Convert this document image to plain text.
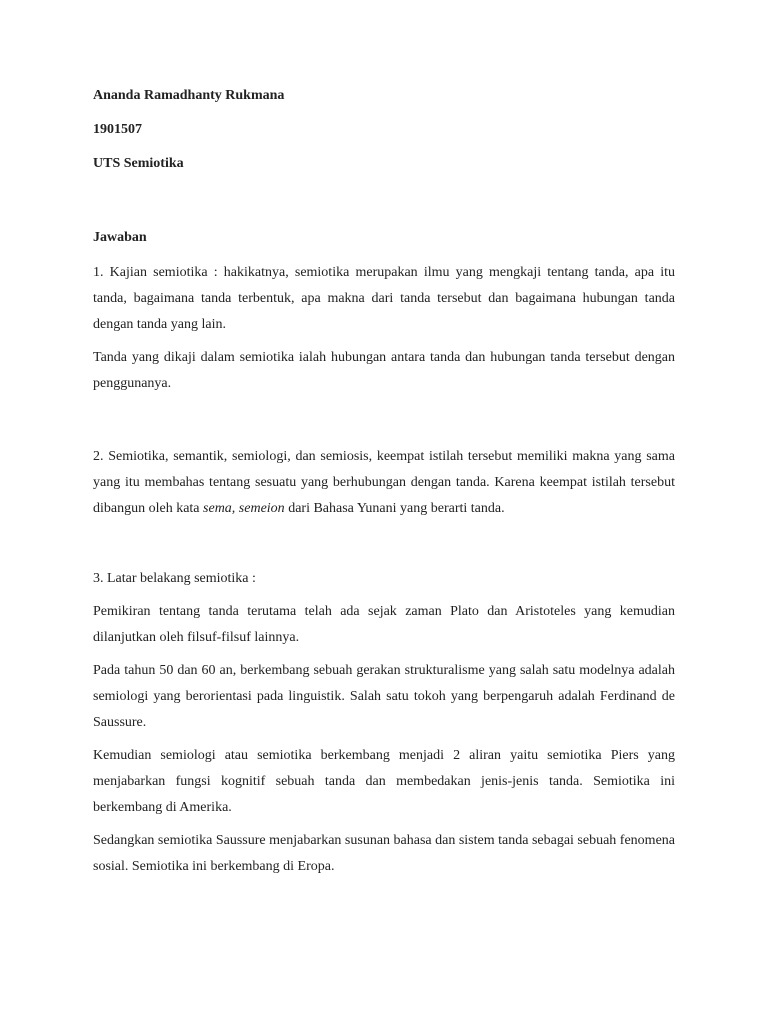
Ananda Ramadhanty Rukmana

1901507

UTS Semiotika

Jawaban

1. Kajian semiotika : hakikatnya, semiotika merupakan ilmu yang mengkaji tentang tanda, apa itu tanda, bagaimana tanda terbentuk, apa makna dari tanda tersebut dan bagaimana hubungan tanda dengan tanda yang lain.

Tanda yang dikaji dalam semiotika ialah hubungan antara tanda dan hubungan tanda tersebut dengan penggunanya.

2. Semiotika, semantik, semiologi, dan semiosis, keempat istilah tersebut memiliki makna yang sama yang itu membahas tentang sesuatu yang berhubungan dengan tanda. Karena keempat istilah tersebut dibangun oleh kata sema, semeion dari Bahasa Yunani yang berarti tanda.

3. Latar belakang semiotika :

Pemikiran tentang tanda terutama telah ada sejak zaman Plato dan Aristoteles yang kemudian dilanjutkan oleh filsuf-filsuf lainnya.

Pada tahun 50 dan 60 an, berkembang sebuah gerakan strukturalisme yang salah satu modelnya adalah semiologi yang berorientasi pada linguistik. Salah satu tokoh yang berpengaruh adalah Ferdinand de Saussure.

Kemudian semiologi atau semiotika berkembang menjadi 2 aliran yaitu semiotika Piers yang menjabarkan fungsi kognitif sebuah tanda dan membedakan jenis-jenis tanda. Semiotika ini berkembang di Amerika.

Sedangkan semiotika Saussure menjabarkan susunan bahasa dan sistem tanda sebagai sebuah fenomena sosial. Semiotika ini berkembang di Eropa.
